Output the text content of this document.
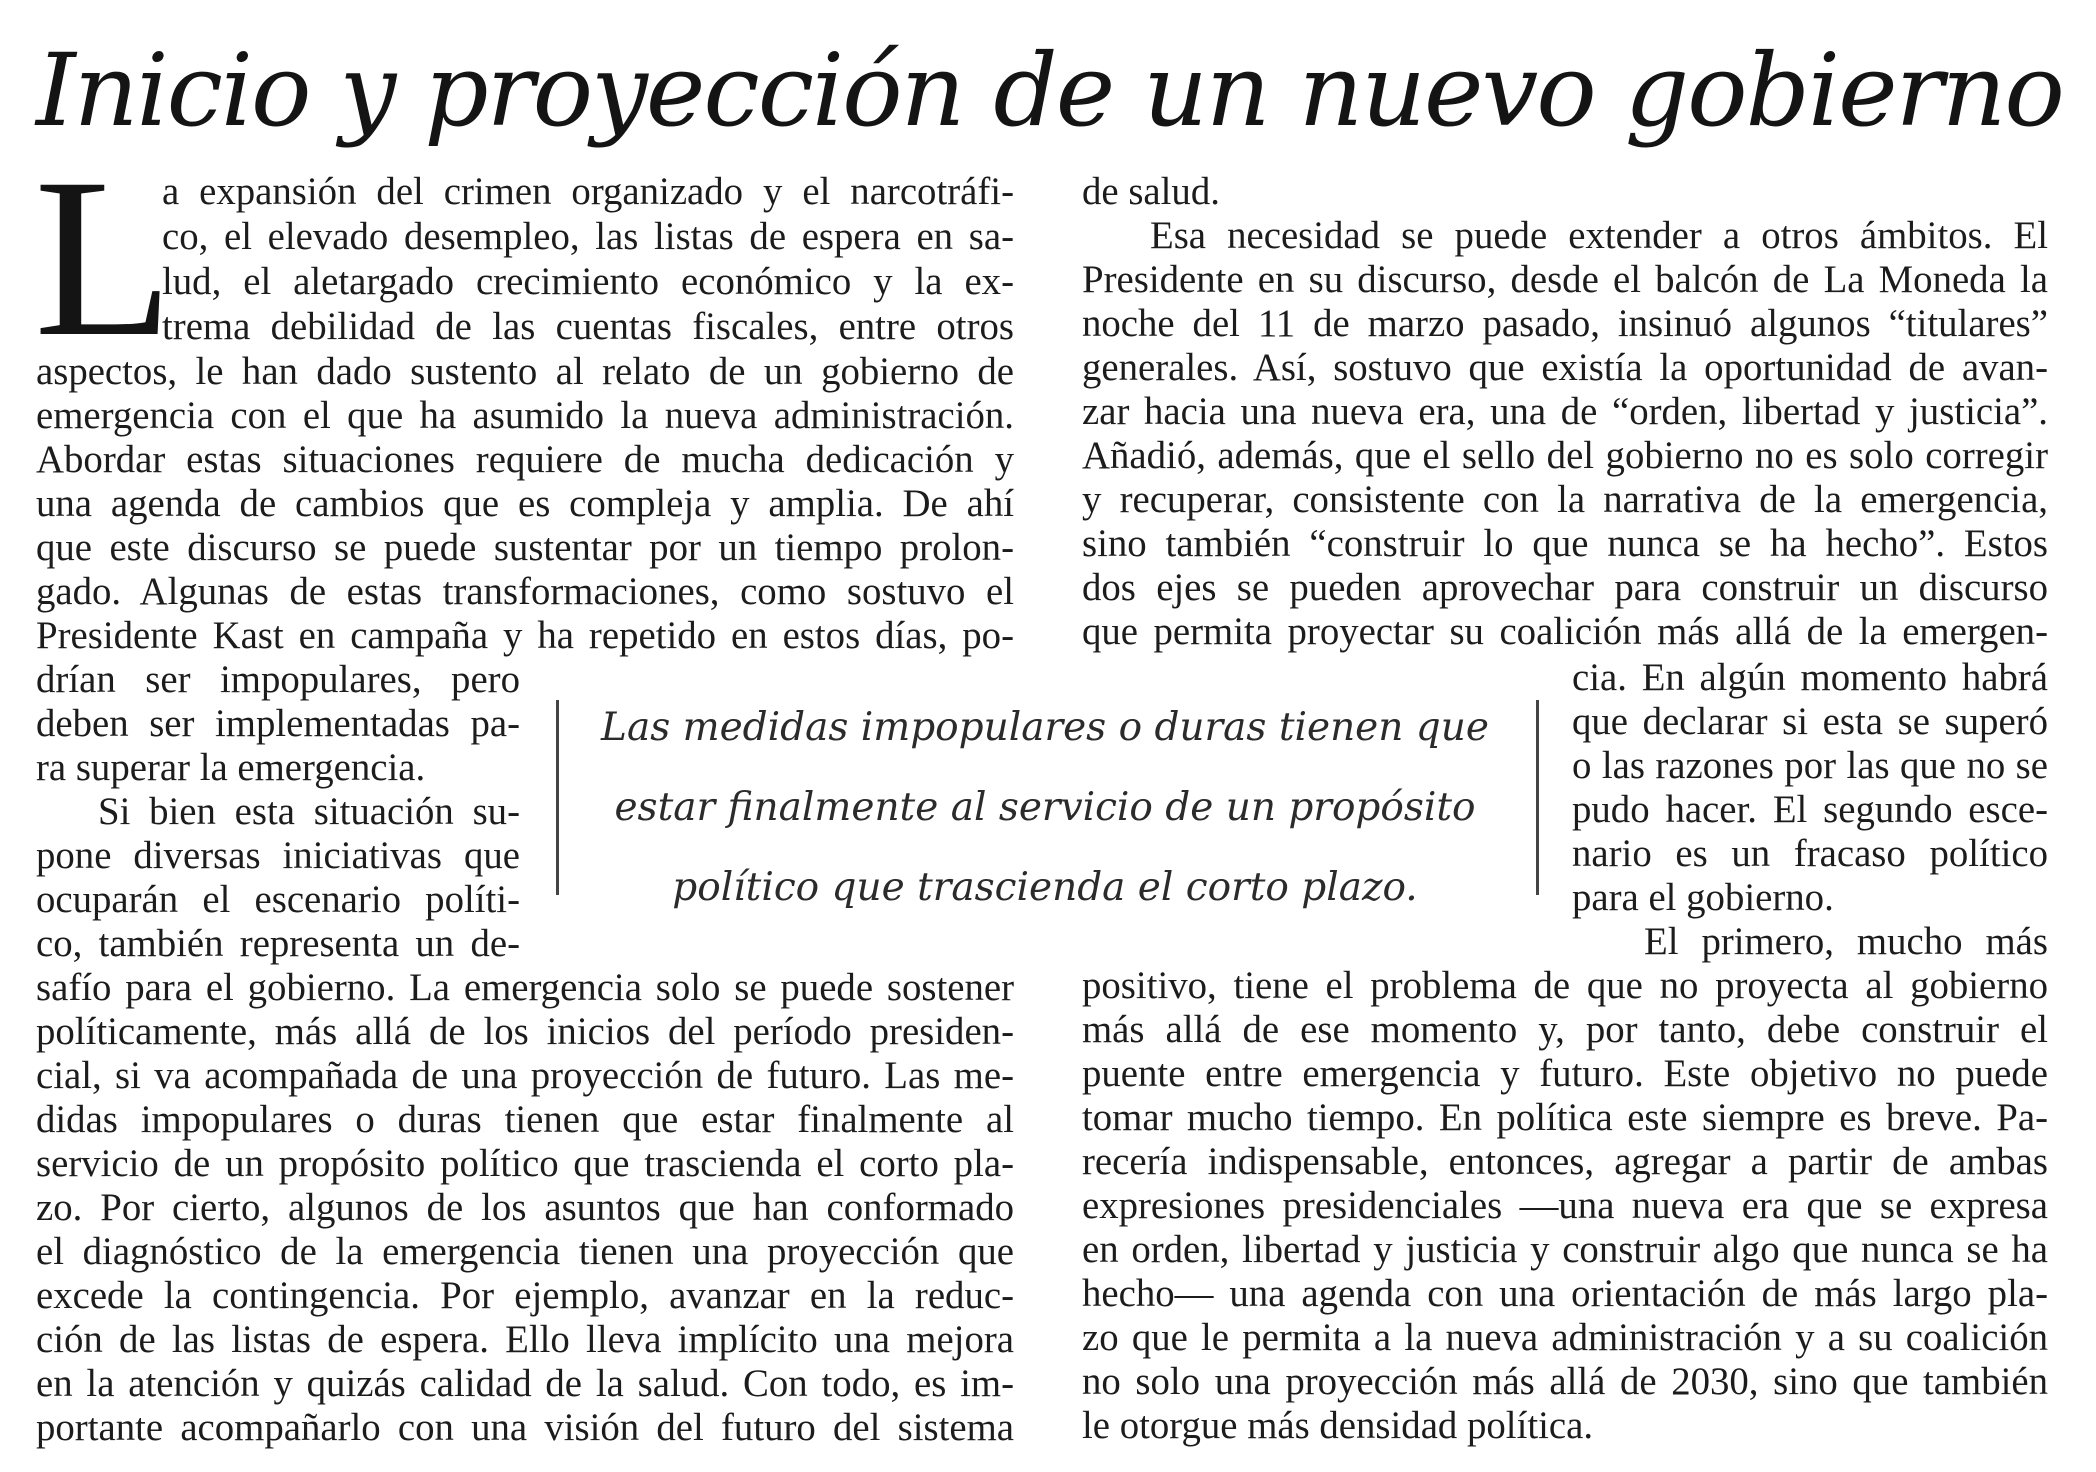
Inicio y proyección de un nuevo gobierno
L
a expansión del crimen organizado y el narcotráfi-
co, el elevado desempleo, las listas de espera en sa-
lud, el aletargado crecimiento económico y la ex-
trema debilidad de las cuentas fiscales, entre otros
aspectos, le han dado sustento al relato de un gobierno de
emergencia con el que ha asumido la nueva administración.
Abordar estas situaciones requiere de mucha dedicación y
una agenda de cambios que es compleja y amplia. De ahí
que este discurso se puede sustentar por un tiempo prolon-
gado. Algunas de estas transformaciones, como sostuvo el
Presidente Kast en campaña y ha repetido en estos días, po-
drían ser impopulares, pero
deben ser implementadas pa-
ra superar la emergencia.
Si bien esta situación su-
pone diversas iniciativas que
ocuparán el escenario políti-
co, también representa un de-
safío para el gobierno. La emergencia solo se puede sostener
políticamente, más allá de los inicios del período presiden-
cial, si va acompañada de una proyección de futuro. Las me-
didas impopulares o duras tienen que estar finalmente al
servicio de un propósito político que trascienda el corto pla-
zo. Por cierto, algunos de los asuntos que han conformado
el diagnóstico de la emergencia tienen una proyección que
excede la contingencia. Por ejemplo, avanzar en la reduc-
ción de las listas de espera. Ello lleva implícito una mejora
en la atención y quizás calidad de la salud. Con todo, es im-
portante acompañarlo con una visión del futuro del sistema
de salud.
Esa necesidad se puede extender a otros ámbitos. El
Presidente en su discurso, desde el balcón de La Moneda la
noche del 11 de marzo pasado, insinuó algunos “titulares”
generales. Así, sostuvo que existía la oportunidad de avan-
zar hacia una nueva era, una de “orden, libertad y justicia”.
Añadió, además, que el sello del gobierno no es solo corregir
y recuperar, consistente con la narrativa de la emergencia,
sino también “construir lo que nunca se ha hecho”. Estos
dos ejes se pueden aprovechar para construir un discurso
que permita proyectar su coalición más allá de la emergen-
cia. En algún momento habrá
que declarar si esta se superó
o las razones por las que no se
pudo hacer. El segundo esce-
nario es un fracaso político
para el gobierno.
El primero, mucho más
positivo, tiene el problema de que no proyecta al gobierno
más allá de ese momento y, por tanto, debe construir el
puente entre emergencia y futuro. Este objetivo no puede
tomar mucho tiempo. En política este siempre es breve. Pa-
recería indispensable, entonces, agregar a partir de ambas
expresiones presidenciales —una nueva era que se expresa
en orden, libertad y justicia y construir algo que nunca se ha
hecho— una agenda con una orientación de más largo pla-
zo que le permita a la nueva administración y a su coalición
no solo una proyección más allá de 2030, sino que también
le otorgue más densidad política.
Las medidas impopulares o duras tienen que
estar finalmente al servicio de un propósito
político que trascienda el corto plazo.
